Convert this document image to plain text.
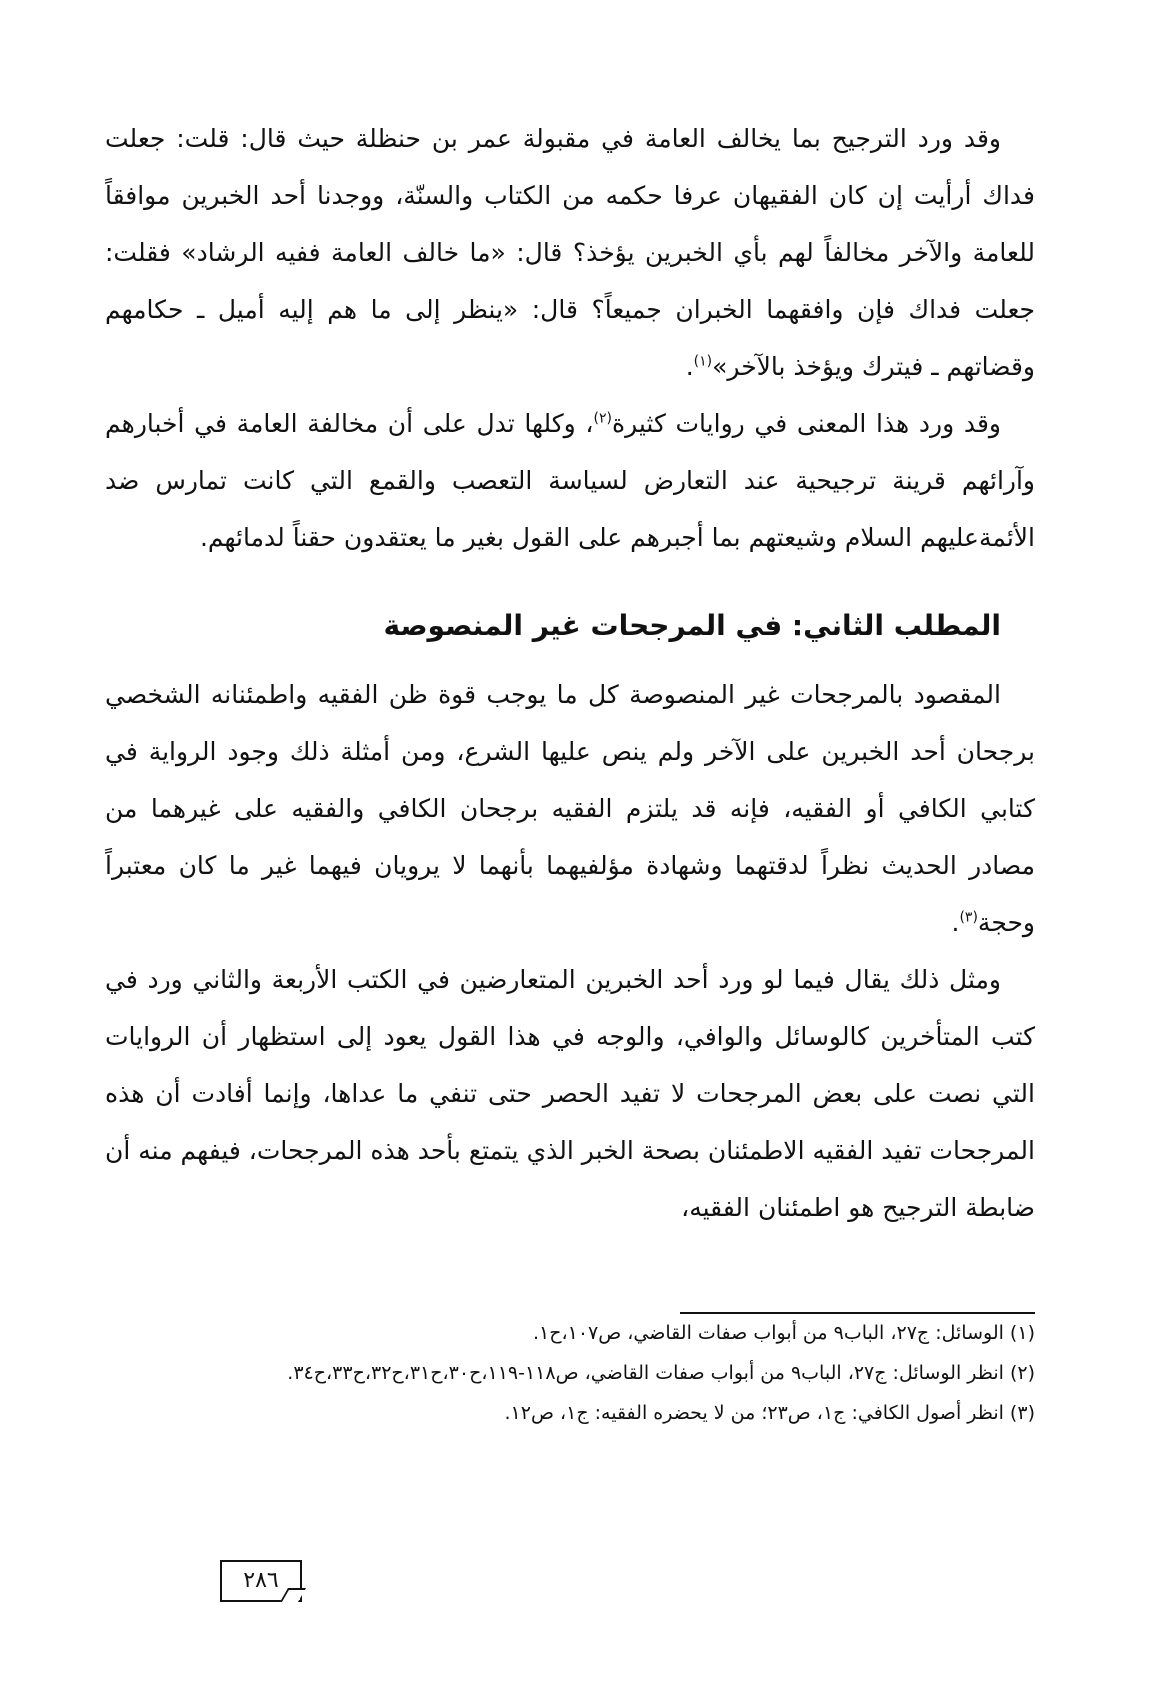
وقد ورد الترجيح بما يخالف العامة في مقبولة عمر بن حنظلة حيث قال: قلت: جعلت فداك أرأيت إن كان الفقيهان عرفا حكمه من الكتاب والسنّة، ووجدنا أحد الخبرين موافقاً للعامة والآخر مخالفاً لهم بأي الخبرين يؤخذ؟ قال: «ما خالف العامة ففيه الرشاد» فقلت: جعلت فداك فإن وافقهما الخبران جميعاً؟ قال: «ينظر إلى ما هم إليه أميل ـ حكامهم وقضاتهم ـ فيترك ويؤخذ بالآخر»$^{(١)}$.

وقد ورد هذا المعنى في روايات كثيرة$^{(٢)}$، وكلها تدل على أن مخالفة العامة في أخبارهم وآرائهم قرينة ترجيحية عند التعارض لسياسة التعصب والقمع التي كانت تمارس ضد الأئمةعليهم السلام وشيعتهم بما أجبرهم على القول بغير ما يعتقدون حقناً لدمائهم.

المطلب الثاني: في المرجحات غير المنصوصة

المقصود بالمرجحات غير المنصوصة كل ما يوجب قوة ظن الفقيه واطمئنانه الشخصي برجحان أحد الخبرين على الآخر ولم ينص عليها الشرع، ومن أمثلة ذلك وجود الرواية في كتابي الكافي أو الفقيه، فإنه قد يلتزم الفقيه برجحان الكافي والفقيه على غيرهما من مصادر الحديث نظراً لدقتهما وشهادة مؤلفيهما بأنهما لا يرويان فيهما غير ما كان معتبراً وحجة$^{(٣)}$.

ومثل ذلك يقال فيما لو ورد أحد الخبرين المتعارضين في الكتب الأربعة والثاني ورد في كتب المتأخرين كالوسائل والوافي، والوجه في هذا القول يعود إلى استظهار أن الروايات التي نصت على بعض المرجحات لا تفيد الحصر حتى تنفي ما عداها، وإنما أفادت أن هذه المرجحات تفيد الفقيه الاطمئنان بصحة الخبر الذي يتمتع بأحد هذه المرجحات، فيفهم منه أن ضابطة الترجيح هو اطمئنان الفقيه،

(١) الوسائل: ج٢٧، الباب٩ من أبواب صفات القاضي، ص١٠٧،ح١.
(٢) انظر الوسائل: ج٢٧، الباب٩ من أبواب صفات القاضي، ص١١٨-١١٩،ح٣٠،ح٣١،ح٣٢،ح٣٣،ح٣٤.
(٣) انظر أصول الكافي: ج١، ص٢٣؛ من لا يحضره الفقيه: ج١، ص١٢.
٢٨٦
